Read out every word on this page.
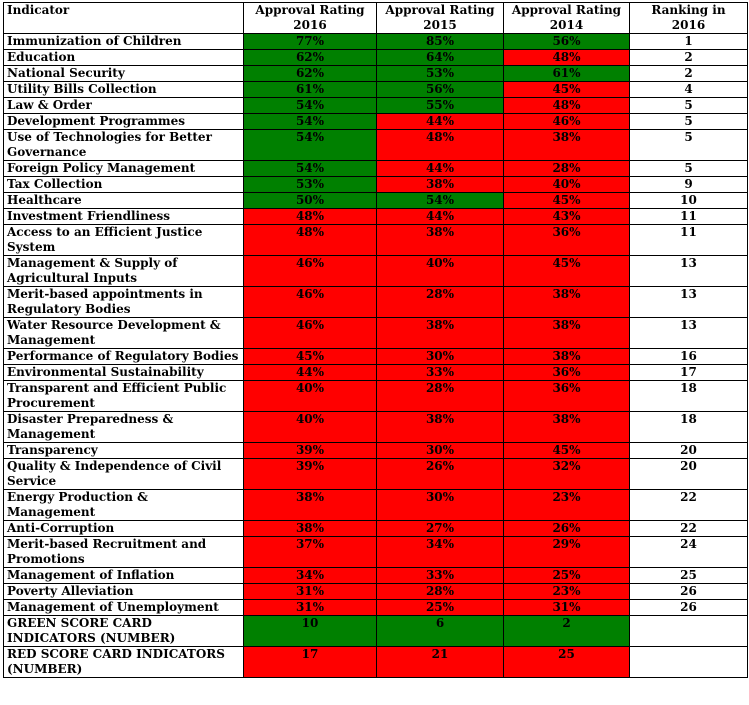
Indicator	Approval Rating 2016	Approval Rating 2015	Approval Rating 2014	Ranking in 2016
Immunization of Children	77%	85%	56%	1
Education	62%	64%	48%	2
National Security	62%	53%	61%	2
Utility Bills Collection	61%	56%	45%	4
Law & Order	54%	55%	48%	5
Development Programmes	54%	44%	46%	5
Use of Technologies for Better Governance	54%	48%	38%	5
Foreign Policy Management	54%	44%	28%	5
Tax Collection	53%	38%	40%	9
Healthcare	50%	54%	45%	10
Investment Friendliness	48%	44%	43%	11
Access to an Efficient Justice System	48%	38%	36%	11
Management & Supply of Agricultural Inputs	46%	40%	45%	13
Merit-based appointments in Regulatory Bodies	46%	28%	38%	13
Water Resource Development & Management	46%	38%	38%	13
Performance of Regulatory Bodies	45%	30%	38%	16
Environmental Sustainability	44%	33%	36%	17
Transparent and Efficient Public Procurement	40%	28%	36%	18
Disaster Preparedness & Management	40%	38%	38%	18
Transparency	39%	30%	45%	20
Quality & Independence of Civil Service	39%	26%	32%	20
Energy Production & Management	38%	30%	23%	22
Anti-Corruption	38%	27%	26%	22
Merit-based Recruitment and Promotions	37%	34%	29%	24
Management of Inflation	34%	33%	25%	25
Poverty Alleviation	31%	28%	23%	26
Management of Unemployment	31%	25%	31%	26
GREEN SCORE CARD INDICATORS (NUMBER)	10	6	2	
RED SCORE CARD INDICATORS (NUMBER)	17	21	25	
